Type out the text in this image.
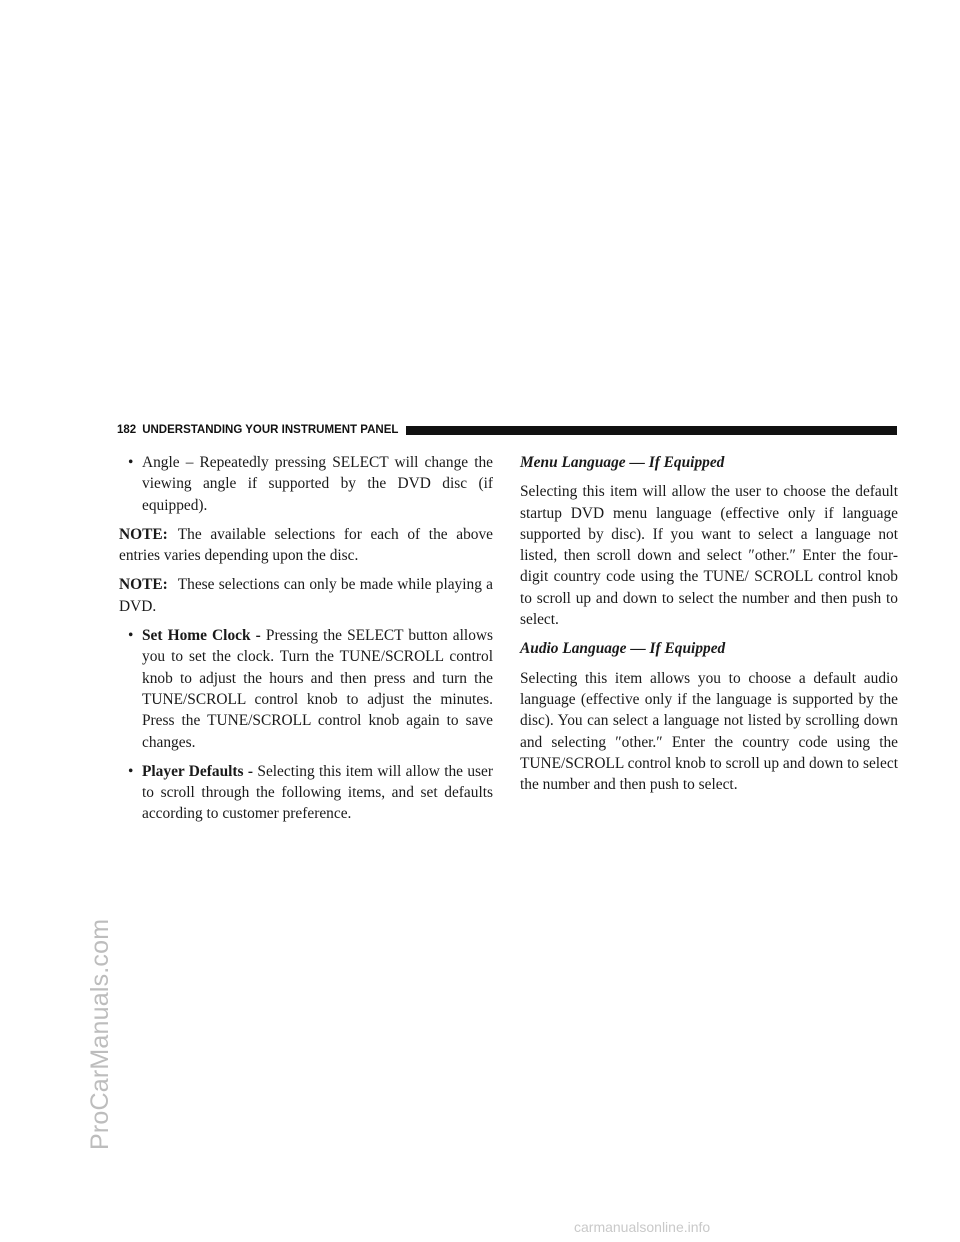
ProCarManuals.com
182 UNDERSTANDING YOUR INSTRUMENT PANEL
• Angle – Repeatedly pressing SELECT will change the viewing angle if supported by the DVD disc (if equipped).

NOTE: The available selections for each of the above entries varies depending upon the disc.

NOTE: These selections can only be made while playing a DVD.

• Set Home Clock - Pressing the SELECT button allows you to set the clock. Turn the TUNE/SCROLL control knob to adjust the hours and then press and turn the TUNE/SCROLL control knob to adjust the minutes. Press the TUNE/SCROLL control knob again to save changes.
• Player Defaults - Selecting this item will allow the user to scroll through the following items, and set defaults according to customer preference.
Menu Language — If Equipped

Selecting this item will allow the user to choose the default startup DVD menu language (effective only if language supported by disc). If you want to select a language not listed, then scroll down and select ″other.″ Enter the four-digit country code using the TUNE/ SCROLL control knob to scroll up and down to select the number and then push to select.

Audio Language — If Equipped

Selecting this item allows you to choose a default audio language (effective only if the language is supported by the disc). You can select a language not listed by scrolling down and selecting ″other.″ Enter the country code using the TUNE/SCROLL control knob to scroll up and down to select the number and then push to select.

carmanualsonline.info
